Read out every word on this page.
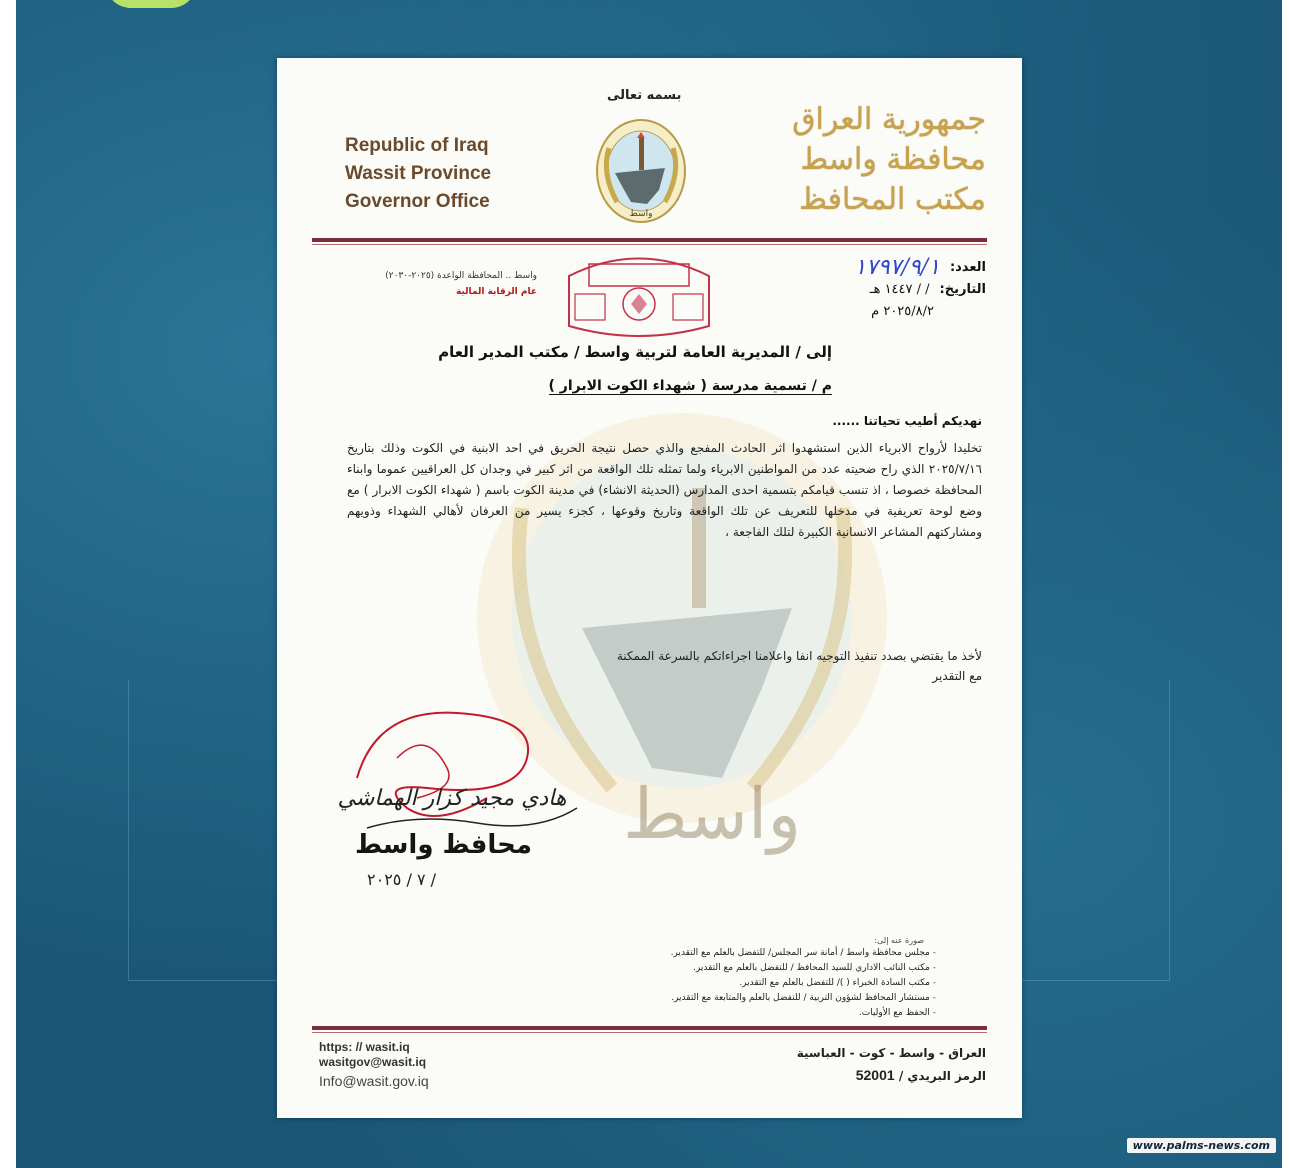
واسط
بسمه تعالى
Republic of Iraq
Wassit Province
Governor Office
واسط
جمهورية العراق
محافظة واسط
مكتب المحافظ
العدد:
١٧٩٧/٩/١
التاريخ:
/ / ١٤٤٧ هـ
٢٠٢٥/٨/٢ م
واسط .. المحافظة الواعدة (٢٠٢٥-٢٠٣٠)
عام الرقابة المالية
إلى / المديرية العامة لتربية واسط / مكتب المدير العام
م / تسمية مدرسة ( شهداء الكوت الابرار )
نهديكم أطيب تحياتنا ......

تخليدا لأرواح الابرياء الذين استشهدوا اثر الحادث المفجع والذي حصل نتيجة الحريق في احد الابنية في الكوت وذلك بتاريخ ٢٠٢٥/٧/١٦ الذي راح ضحيته عدد من المواطنين الابرياء ولما تمثله تلك الواقعة من اثر كبير في وجدان كل العراقيين عموما وابناء المحافظة خصوصا ، اذ تنسب قيامكم بتسمية احدى المدارس (الحديثة الانشاء) في مدينة الكوت باسم ( شهداء الكوت الابرار ) مع وضع لوحة تعريفية في مدخلها للتعريف عن تلك الواقعة وتاريخ وقوعها ، كجزء يسير من العرفان لأهالي الشهداء وذويهم ومشاركتهم المشاعر الانسانية الكبيرة لتلك الفاجعة ،

لأخذ ما يقتضي بصدد تنفيذ التوجيه انفا واعلامنا اجراءاتكم بالسرعة الممكنة
مع التقدير
هادي مجيد كزار الهماشي
محافظ واسط
/ ٧ / ٢٠٢٥
صورة عنه إلى:
- مجلس محافظة واسط / أمانة سر المجلس/ للتفضل بالعلم مع التقدير.
- مكتب النائب الاداري للسيد المحافظ / للتفضل بالعلم مع التقدير.
- مكتب السادة الخبراء ( )/ للتفضل بالعلم مع التقدير.
- مستشار المحافظ لشؤون التربية / للتفضل بالعلم والمتابعة مع التقدير.
- الحفظ مع الأوليات.
https: // wasit.iq
wasitgov@wasit.iq
Info@wasit.gov.iq
العراق - واسط - كوت - العباسية
الرمز البريدي / 52001
www.palms-news.com
